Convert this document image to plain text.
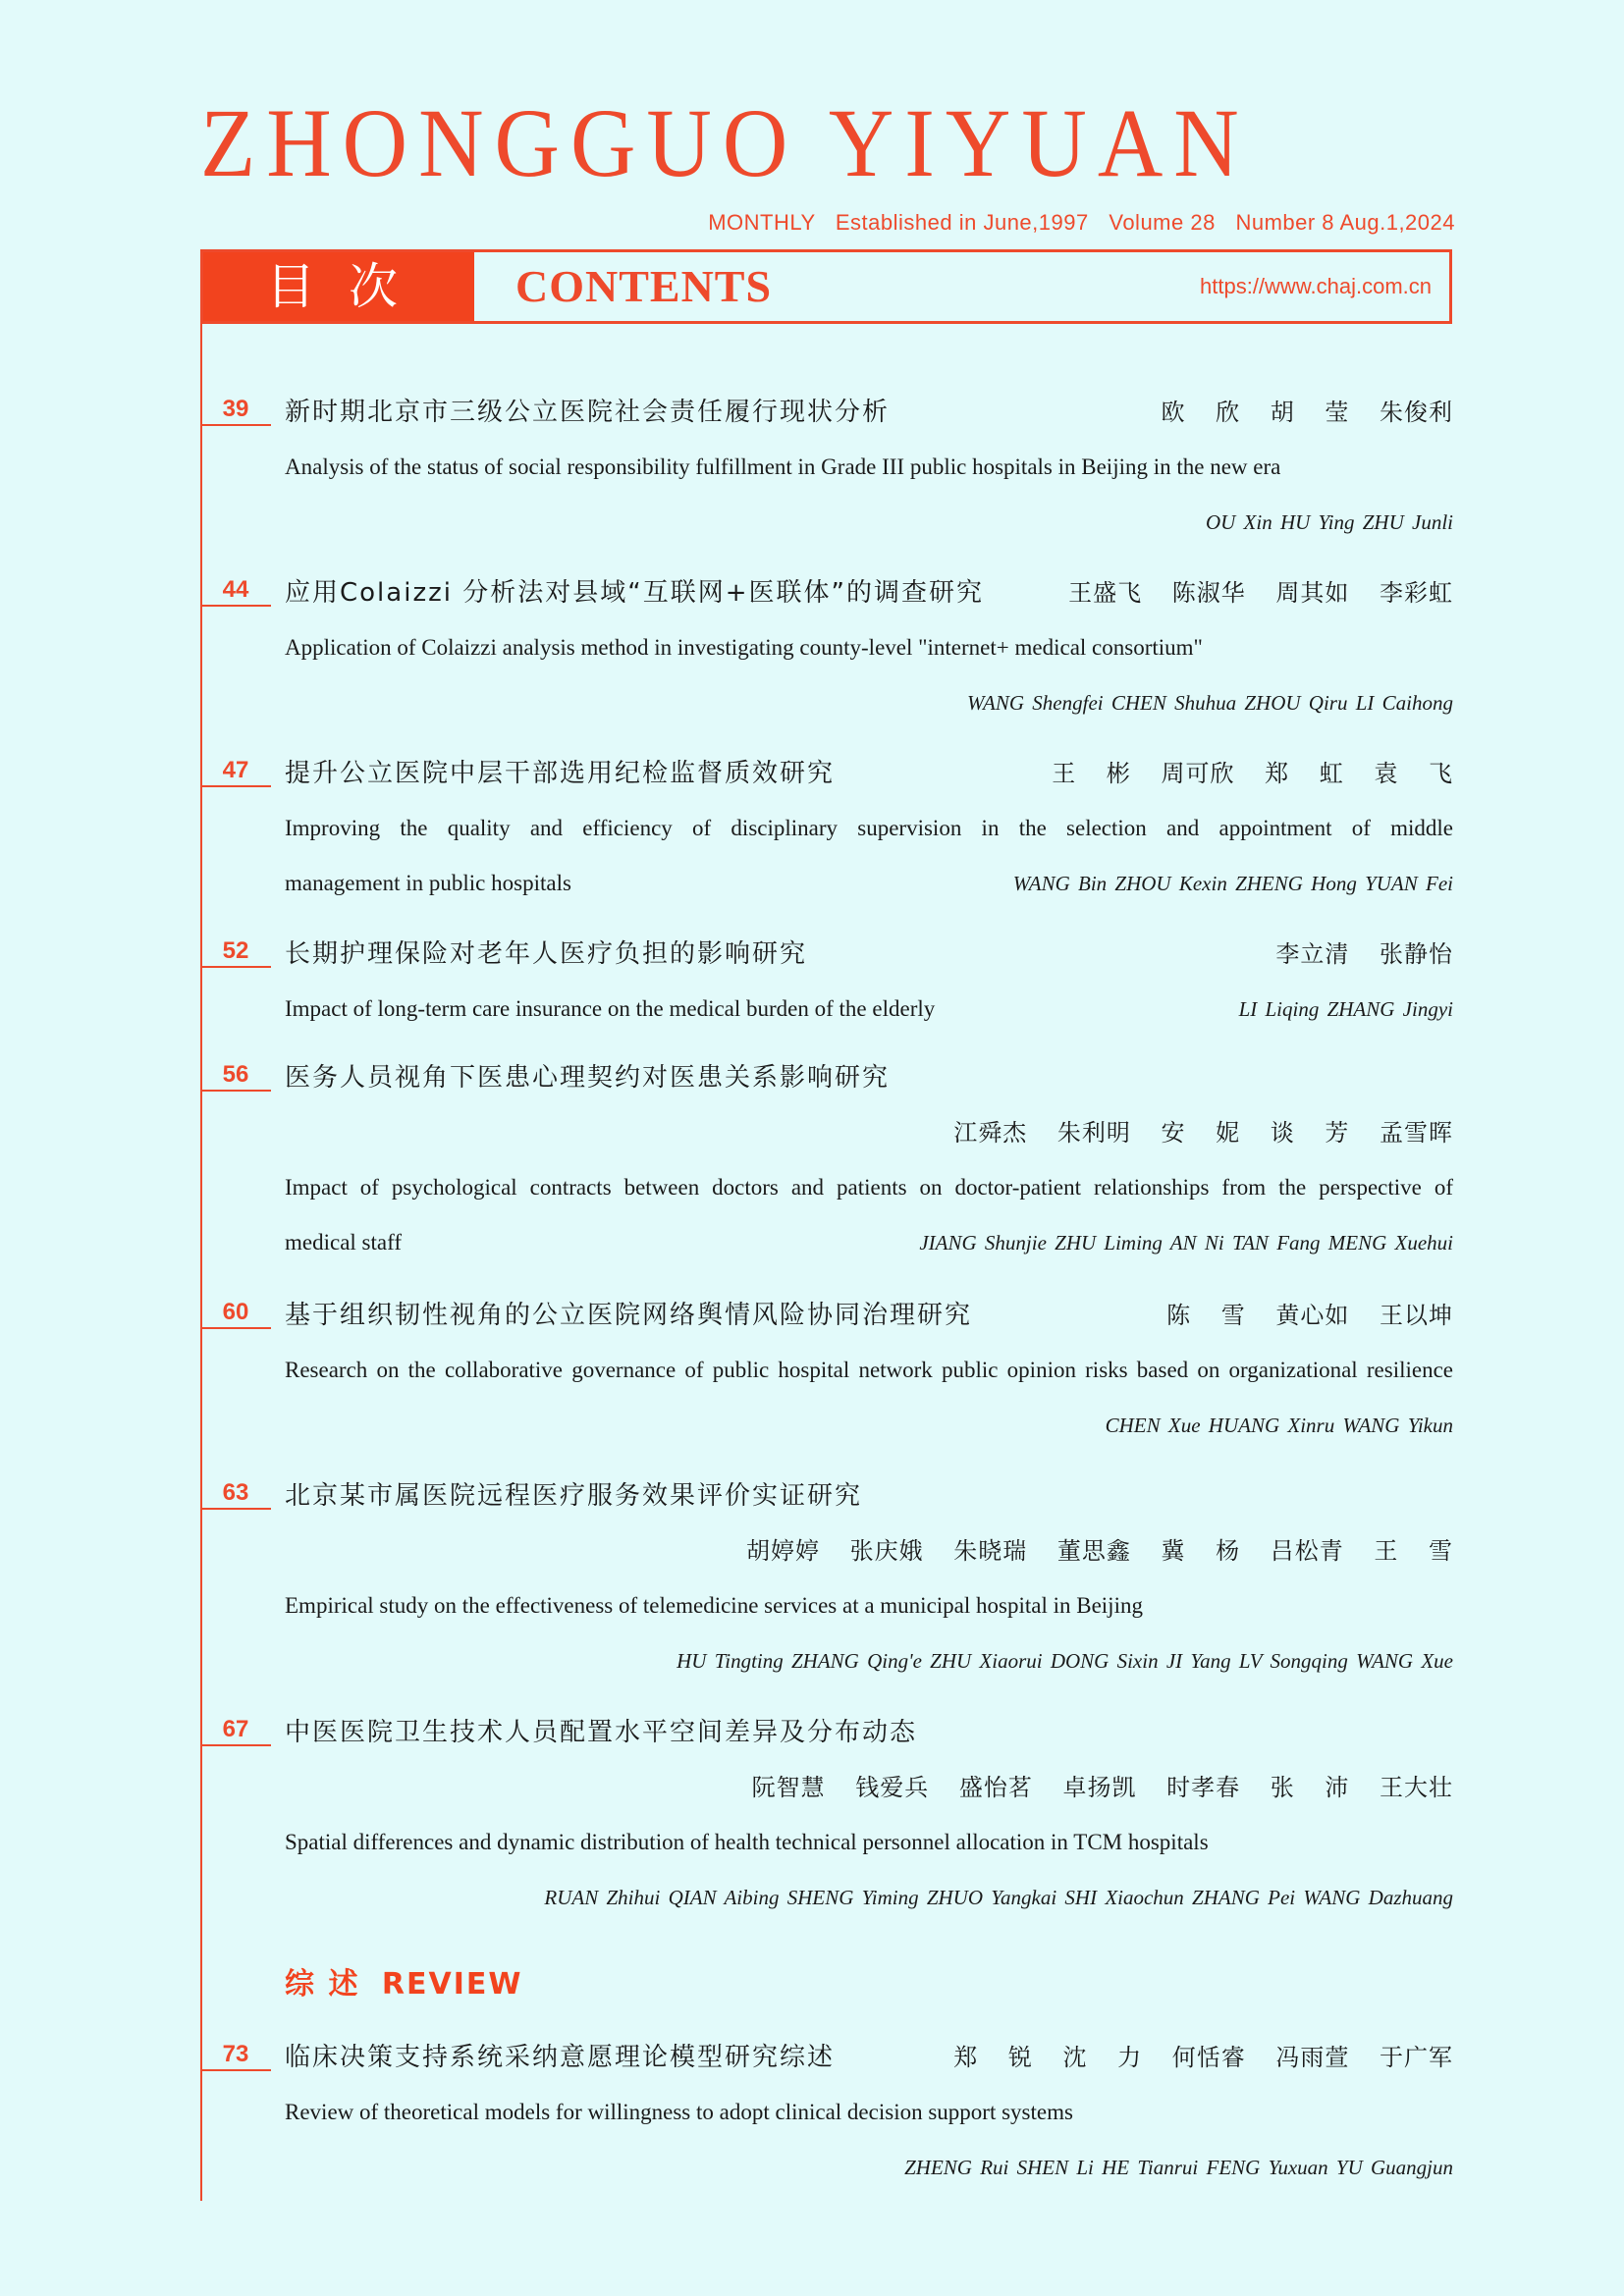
ZHONGGUO YIYUAN
MONTHLY Established in June,1997 Volume 28 Number 8 Aug.1,2024
目次	CONTENTS	https://www.chaj.com.cn
39	新时期北京市三级公立医院社会责任履行现状分析	欧 欣 胡 莹 朱俊利
Analysis of the status of social responsibility fulfillment in Grade III public hospitals in Beijing in the new era
OU Xin HU Ying ZHU Junli
44	应用Colaizzi 分析法对县域“互联网+医联体”的调查研究	王盛飞 陈淑华 周其如 李彩虹
Application of Colaizzi analysis method in investigating county-level "internet+ medical consortium"
WANG Shengfei CHEN Shuhua ZHOU Qiru LI Caihong
47	提升公立医院中层干部选用纪检监督质效研究	王 彬 周可欣 郑 虹 袁 飞
Improving the quality and efficiency of disciplinary supervision in the selection and appointment of middle
management in public hospitals	WANG Bin ZHOU Kexin ZHENG Hong YUAN Fei
52	长期护理保险对老年人医疗负担的影响研究	李立清 张静怡
Impact of long-term care insurance on the medical burden of the elderly	LI Liqing ZHANG Jingyi
56	医务人员视角下医患心理契约对医患关系影响研究
江舜杰 朱利明 安 妮 谈 芳 孟雪晖
Impact of psychological contracts between doctors and patients on doctor-patient relationships from the perspective of
medical staff	JIANG Shunjie ZHU Liming AN Ni TAN Fang MENG Xuehui
60	基于组织韧性视角的公立医院网络舆情风险协同治理研究	陈 雪 黄心如 王以坤
Research on the collaborative governance of public hospital network public opinion risks based on organizational resilience
CHEN Xue HUANG Xinru WANG Yikun
63	北京某市属医院远程医疗服务效果评价实证研究
胡婷婷 张庆娥 朱晓瑞 董思鑫 冀 杨 吕松青 王 雪
Empirical study on the effectiveness of telemedicine services at a municipal hospital in Beijing
HU Tingting ZHANG Qing'e ZHU Xiaorui DONG Sixin JI Yang LV Songqing WANG Xue
67	中医医院卫生技术人员配置水平空间差异及分布动态
阮智慧 钱爱兵 盛怡茗 卓扬凯 时孝春 张 沛 王大壮
Spatial differences and dynamic distribution of health technical personnel allocation in TCM hospitals
RUAN Zhihui QIAN Aibing SHENG Yiming ZHUO Yangkai SHI Xiaochun ZHANG Pei WANG Dazhuang
综 述 REVIEW
73	临床决策支持系统采纳意愿理论模型研究综述	郑 锐 沈 力 何恬睿 冯雨萱 于广军
Review of theoretical models for willingness to adopt clinical decision support systems
ZHENG Rui SHEN Li HE Tianrui FENG Yuxuan YU Guangjun
